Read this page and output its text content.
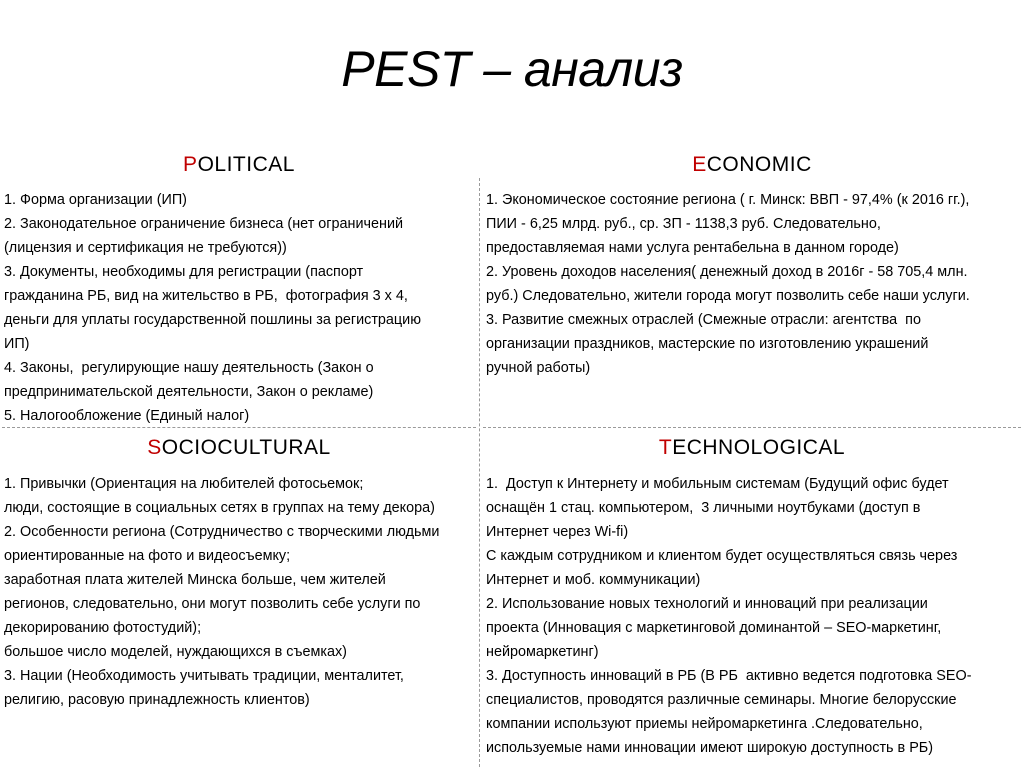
PEST – анализ
POLITICAL
1. Форма организации (ИП)
2. Законодательное ограничение бизнеса (нет ограничений
(лицензия и сертификация не требуются))
3. Документы, необходимы для регистрации (паспорт
гражданина РБ, вид на жительство в РБ,  фотография 3 х 4,
деньги для уплаты государственной пошлины за регистрацию
ИП)
4. Законы,  регулирующие нашу деятельность (Закон о
предпринимательской деятельности, Закон о рекламе)
5. Налогообложение (Единый налог)
ECONOMIC
1. Экономическое состояние региона ( г. Минск: ВВП - 97,4% (к 2016 гг.),
ПИИ - 6,25 млрд. руб., ср. ЗП - 1138,3 руб. Следовательно,
предоставляемая нами услуга рентабельна в данном городе)
2. Уровень доходов населения( денежный доход в 2016г - 58 705,4 млн.
руб.) Следовательно, жители города могут позволить себе наши услуги.
3. Развитие смежных отраслей (Смежные отрасли: агентства  по
организации праздников, мастерские по изготовлению украшений
ручной работы)
SOCIOCULTURAL
1. Привычки (Ориентация на любителей фотосьемок;
люди, состоящие в социальных сетях в группах на тему декора)
2. Особенности региона (Сотрудничество с творческими людьми
ориентированные на фото и видеосъемку;
заработная плата жителей Минска больше, чем жителей
регионов, следовательно, они могут позволить себе услуги по
декорированию фотостудий);
большое число моделей, нуждающихся в съемках)
3. Нации (Необходимость учитывать традиции, менталитет,
религию, расовую принадлежность клиентов)
TECHNOLOGICAL
1.  Доступ к Интернету и мобильным системам (Будущий офис будет
оснащён 1 стац. компьютером,  3 личными ноутбуками (доступ в
Интернет через Wi-fi)
С каждым сотрудником и клиентом будет осуществляться связь через
Интернет и моб. коммуникации)
2. Использование новых технологий и инноваций при реализации
проекта (Инновация с маркетинговой доминантой – SEO-маркетинг,
нейромаркетинг)
3. Доступность инноваций в РБ (В РБ  активно ведется подготовка SEO-
специалистов, проводятся различные семинары. Многие белорусские
компании используют приемы нейромаркетинга .Следовательно,
используемые нами инновации имеют широкую доступность в РБ)
